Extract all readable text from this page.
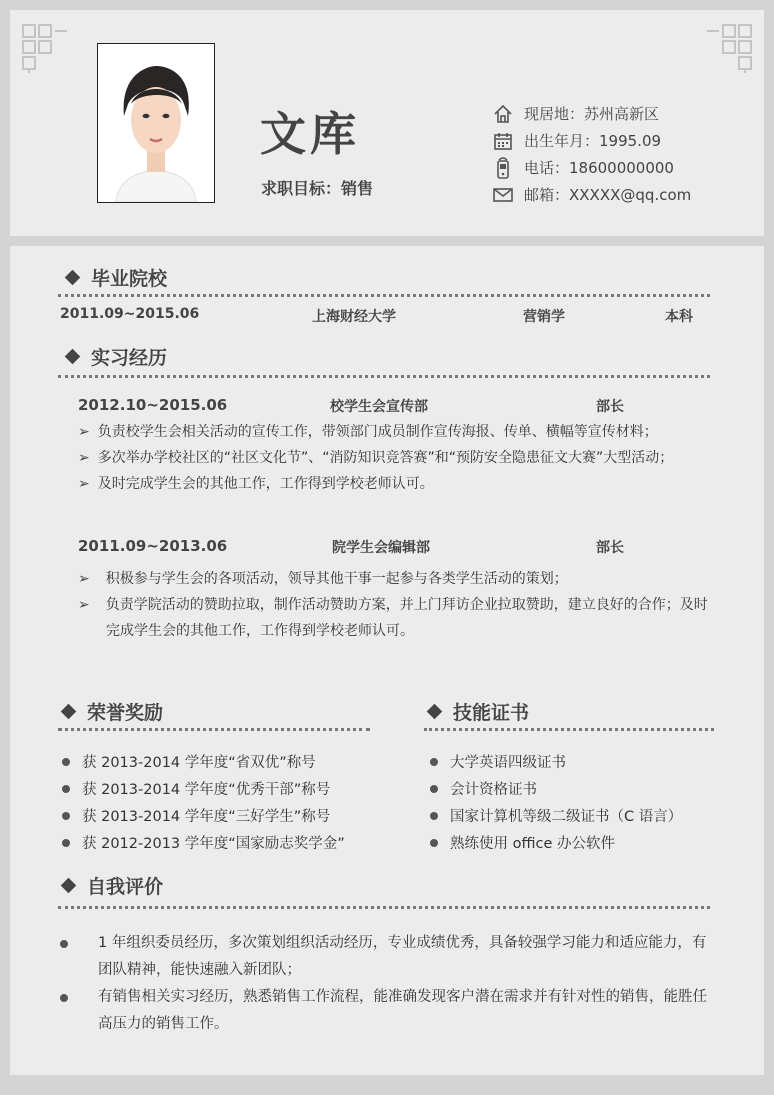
文库
求职目标：销售
现居地：苏州高新区
出生年月：1995.09
电话：18600000000
邮箱：XXXXX@qq.com
毕业院校
2011.09~2015.06	上海财经大学	营销学	本科
实习经历
2012.10~2015.06	校学生会宣传部	部长
➢ 负责校学生会相关活动的宣传工作，带领部门成员制作宣传海报、传单、横幅等宣传材料；
➢ 多次举办学校社区的“社区文化节”、“消防知识竞答赛”和“预防安全隐患征文大赛”大型活动；
➢ 及时完成学生会的其他工作，工作得到学校老师认可。
2011.09~2013.06	院学生会编辑部	部长
➢ 积极参与学生会的各项活动，领导其他干事一起参与各类学生活动的策划；
➢ 负责学院活动的赞助拉取，制作活动赞助方案，并上门拜访企业拉取赞助，建立良好的合作；及时完成学生会的其他工作，工作得到学校老师认可。
荣誉奖励
获 2013-2014 学年度“省双优”称号
获 2013-2014 学年度“优秀干部”称号
获 2013-2014 学年度“三好学生”称号
获 2012-2013 学年度“国家励志奖学金”
技能证书
大学英语四级证书
会计资格证书
国家计算机等级二级证书（C 语言）
熟练使用 office 办公软件
自我评价
1 年组织委员经历，多次策划组织活动经历，专业成绩优秀，具备较强学习能力和适应能力，有团队精神，能快速融入新团队；
有销售相关实习经历，熟悉销售工作流程，能准确发现客户潜在需求并有针对性的销售，能胜任高压力的销售工作。
